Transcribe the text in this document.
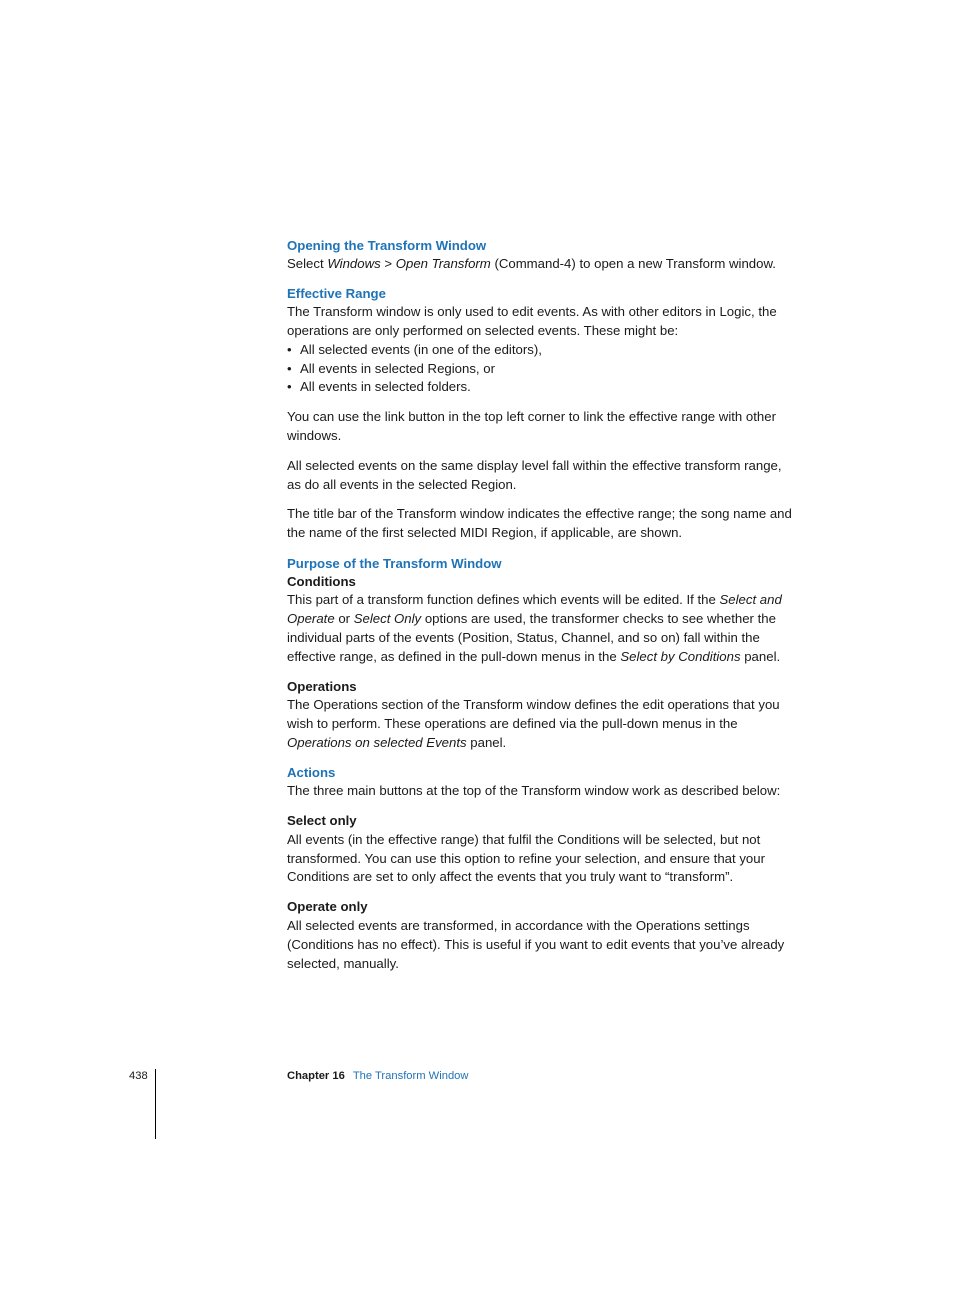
Opening the Transform Window

Select Windows > Open Transform (Command-4) to open a new Transform window.

Effective Range

The Transform window is only used to edit events. As with other editors in Logic, the operations are only performed on selected events. These might be:

• All selected events (in one of the editors),
• All events in selected Regions, or
• All events in selected folders.

You can use the link button in the top left corner to link the effective range with other windows.

All selected events on the same display level fall within the effective transform range, as do all events in the selected Region.

The title bar of the Transform window indicates the effective range; the song name and the name of the first selected MIDI Region, if applicable, are shown.

Purpose of the Transform Window

Conditions

This part of a transform function defines which events will be edited. If the Select and Operate or Select Only options are used, the transformer checks to see whether the individual parts of the events (Position, Status, Channel, and so on) fall within the effective range, as defined in the pull-down menus in the Select by Conditions panel.

Operations

The Operations section of the Transform window defines the edit operations that you wish to perform. These operations are defined via the pull-down menus in the Operations on selected Events panel.

Actions

The three main buttons at the top of the Transform window work as described below:

Select only

All events (in the effective range) that fulfil the Conditions will be selected, but not transformed. You can use this option to refine your selection, and ensure that your Conditions are set to only affect the events that you truly want to “transform”.

Operate only

All selected events are transformed, in accordance with the Operations settings (Conditions has no effect). This is useful if you want to edit events that you’ve already selected, manually.

438	Chapter 16 The Transform Window
